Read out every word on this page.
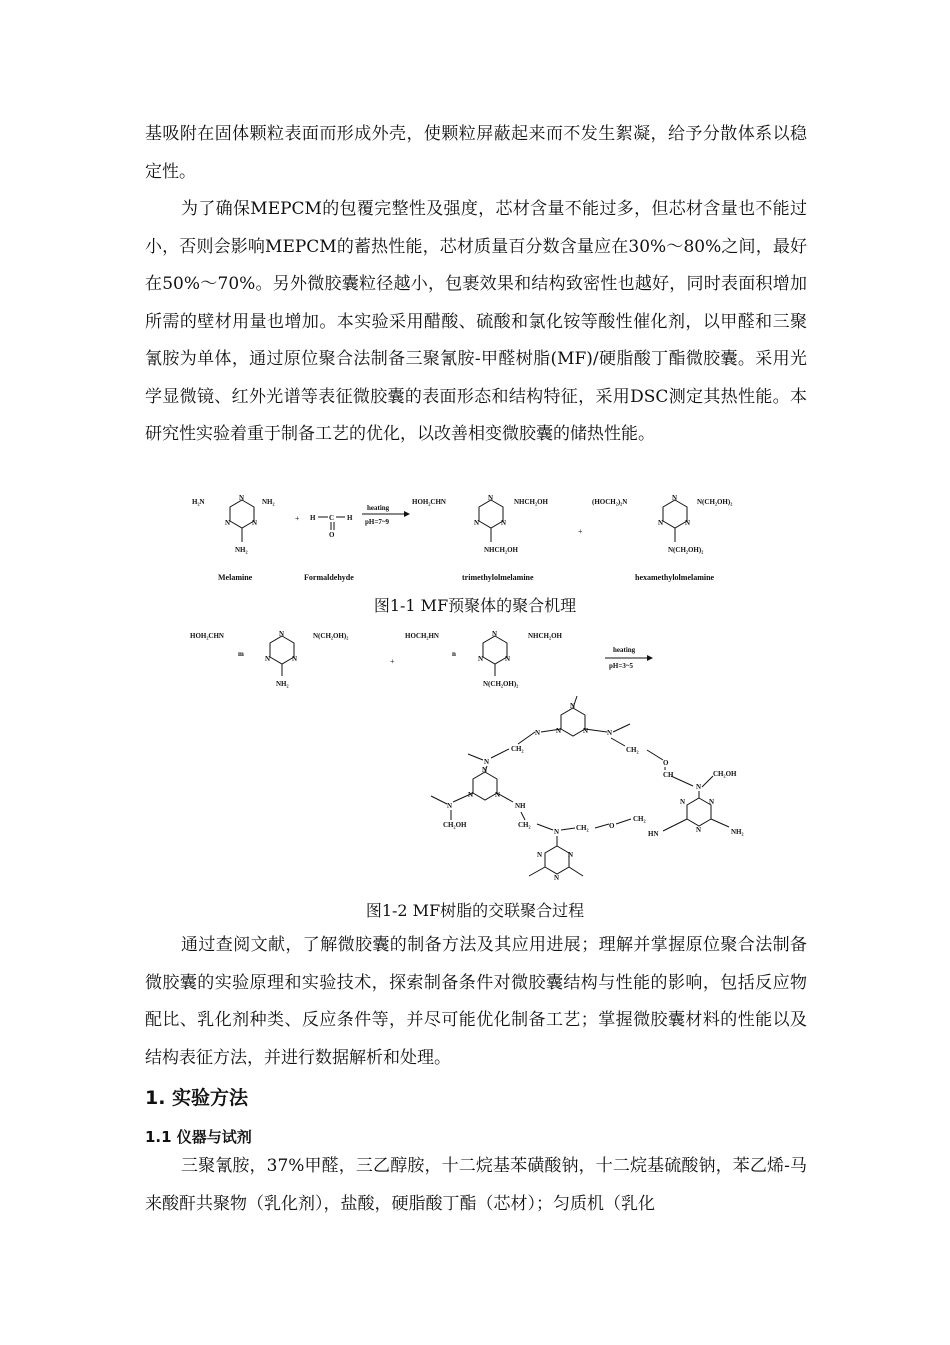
基吸附在固体颗粒表面而形成外壳，使颗粒屏蔽起来而不发生絮凝，给予分散体系以稳定性。

为了确保MEPCM的包覆完整性及强度，芯材含量不能过多，但芯材含量也不能过小，否则会影响MEPCM的蓄热性能，芯材质量百分数含量应在30%～80%之间，最好在50%～70%。另外微胶囊粒径越小，包裹效果和结构致密性也越好，同时表面积增加所需的壁材用量也增加。本实验采用醋酸、硫酸和氯化铵等酸性催化剂，以甲醛和三聚氰胺为单体，通过原位聚合法制备三聚氰胺-甲醛树脂(MF)/硬脂酸丁酯微胶囊。采用光学显微镜、红外光谱等表征微胶囊的表面形态和结构特征，采用DSC测定其热性能。本研究性实验着重于制备工艺的优化，以改善相变微胶囊的储热性能。

N
N	N
H₂N	NH₂
NH₂
Melamine
+ H C H
O
Formaldehyde
heating
pH=7~9
N
N	N
HOH₂CHN	NHCH₂OH
NHCH₂OH
trimethylolmelamine
+
N
N	N
(HOCH₂)₂N	N(CH₂OH)₂
N(CH₂OH)₂
hexamethylolmelamine

图1-1 MF预聚体的聚合机理

N
N	N
HOH₂CHN
m
N(CH₂OH)₂
NH₂
+
N
N	N
HOCH₂HN
n
NHCH₂OH
N(CH₂OH)₂
heating
pH=3~5
N
N	N
N	N
CH₂
O
CH
CH₂
N
N
N	N
N
CH₂OH
NH
CH₂
N CH₂	O
CH₂
HN
N	N
N
N
CH₂OH
N	N
N	NH₂

图1-2 MF树脂的交联聚合过程

通过查阅文献，了解微胶囊的制备方法及其应用进展；理解并掌握原位聚合法制备微胶囊的实验原理和实验技术，探索制备条件对微胶囊结构与性能的影响，包括反应物配比、乳化剂种类、反应条件等，并尽可能优化制备工艺；掌握微胶囊材料的性能以及结构表征方法，并进行数据解析和处理。

1. 实验方法
1.1 仪器与试剂

三聚氰胺，37%甲醛，三乙醇胺，十二烷基苯磺酸钠，十二烷基硫酸钠，苯乙烯-马来酸酐共聚物（乳化剂），盐酸，硬脂酸丁酯（芯材）；匀质机（乳化
